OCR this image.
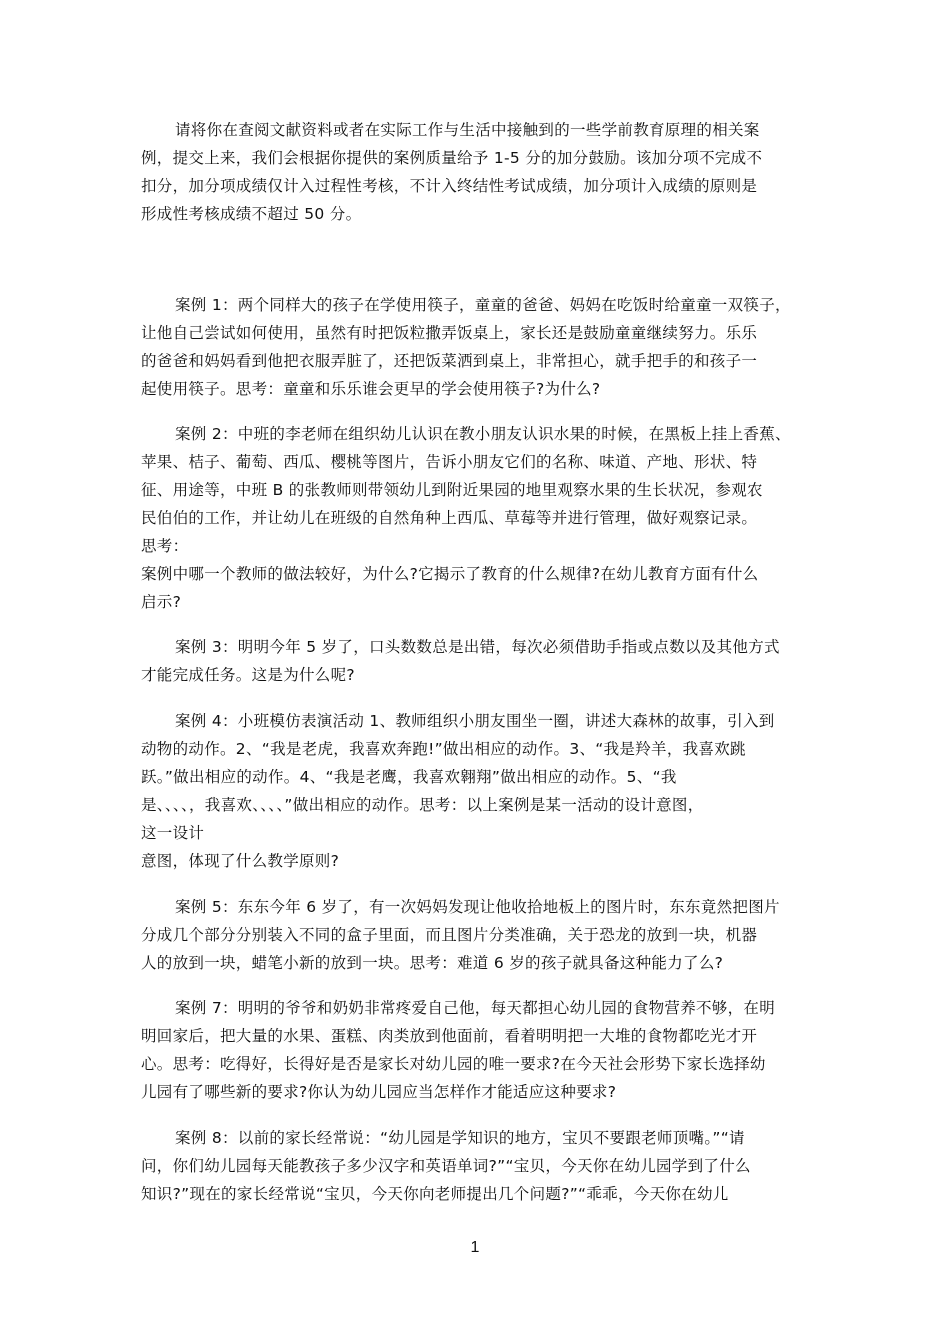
请将你在查阅文献资料或者在实际工作与生活中接触到的一些学前教育原理的相关案
例，提交上来，我们会根据你提供的案例质量给予 1-5 分的加分鼓励。该加分项不完成不
扣分，加分项成绩仅计入过程性考核，不计入终结性考试成绩，加分项计入成绩的原则是
形成性考核成绩不超过 50 分。
案例 1：两个同样大的孩子在学使用筷子，童童的爸爸、妈妈在吃饭时给童童一双筷子，
让他自己尝试如何使用，虽然有时把饭粒撒弄饭桌上，家长还是鼓励童童继续努力。乐乐
的爸爸和妈妈看到他把衣服弄脏了，还把饭菜洒到桌上，非常担心，就手把手的和孩子一
起使用筷子。思考：童童和乐乐谁会更早的学会使用筷子?为什么?
案例 2：中班的李老师在组织幼儿认识在教小朋友认识水果的时候，在黑板上挂上香蕉、
苹果、桔子、葡萄、西瓜、樱桃等图片，告诉小朋友它们的名称、味道、产地、形状、特
征、用途等，中班 B 的张教师则带领幼儿到附近果园的地里观察水果的生长状况，参观农
民伯伯的工作，并让幼儿在班级的自然角种上西瓜、草莓等并进行管理，做好观察记录。
思考：
案例中哪一个教师的做法较好，为什么?它揭示了教育的什么规律?在幼儿教育方面有什么
启示?
案例 3：明明今年 5 岁了，口头数数总是出错，每次必须借助手指或点数以及其他方式
才能完成任务。这是为什么呢?
案例 4：小班模仿表演活动 1、教师组织小朋友围坐一圈，讲述大森林的故事，引入到
动物的动作。2、“我是老虎，我喜欢奔跑!”做出相应的动作。3、“我是羚羊，我喜欢跳
跃。”做出相应的动作。4、“我是老鹰，我喜欢翱翔”做出相应的动作。5、“我
是、、、、，我喜欢、、、、”做出相应的动作。思考：以上案例是某一活动的设计意图，
这一设计
意图，体现了什么教学原则?
案例 5：东东今年 6 岁了，有一次妈妈发现让他收拾地板上的图片时，东东竟然把图片
分成几个部分分别装入不同的盒子里面，而且图片分类准确，关于恐龙的放到一块，机器
人的放到一块，蜡笔小新的放到一块。思考：难道 6 岁的孩子就具备这种能力了么?
案例 7：明明的爷爷和奶奶非常疼爱自己他，每天都担心幼儿园的食物营养不够，在明
明回家后，把大量的水果、蛋糕、肉类放到他面前，看着明明把一大堆的食物都吃光才开
心。思考：吃得好，长得好是否是家长对幼儿园的唯一要求?在今天社会形势下家长选择幼
儿园有了哪些新的要求?你认为幼儿园应当怎样作才能适应这种要求?
案例 8：以前的家长经常说：“幼儿园是学知识的地方，宝贝不要跟老师顶嘴。”“请
问，你们幼儿园每天能教孩子多少汉字和英语单词?”“宝贝，今天你在幼儿园学到了什么
知识?”现在的家长经常说“宝贝，今天你向老师提出几个问题?”“乖乖，今天你在幼儿
1
